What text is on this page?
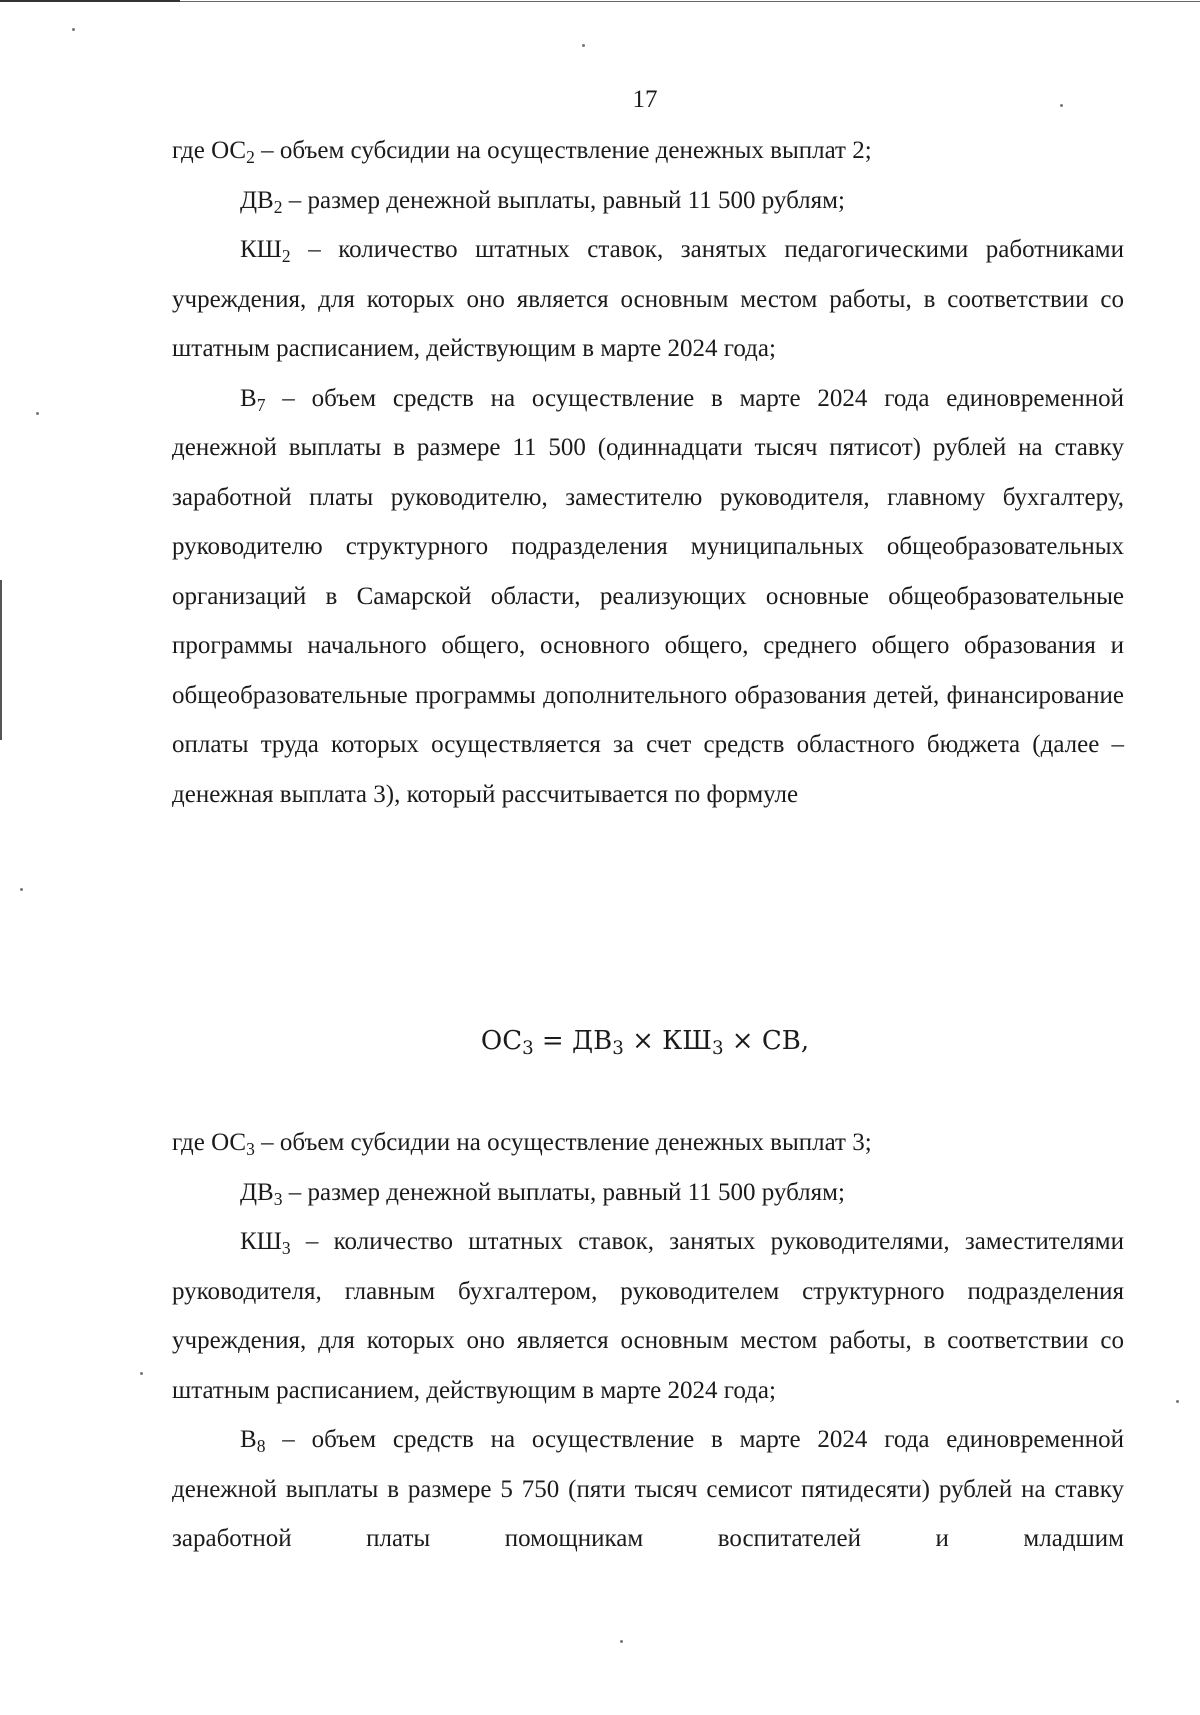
17

где $ОС_2$ – объем субсидии на осуществление денежных выплат 2;

$ДВ_2$ – размер денежной выплаты, равный 11 500 рублям;

$КШ_2$ – количество штатных ставок, занятых педагогическими работниками учреждения, для которых оно является основным местом работы, в соответствии со штатным расписанием, действующим в марте 2024 года;

$В_7$ – объем средств на осуществление в марте 2024 года единовременной денежной выплаты в размере 11 500 (одиннадцати тысяч пятисот) рублей на ставку заработной платы руководителю, заместителю руководителя, главному бухгалтеру, руководителю структурного подразделения муниципальных общеобразовательных организаций в Самарской области, реализующих основные общеобразовательные программы начального общего, основного общего, среднего общего образования и общеобразовательные программы дополнительного образования детей, финансирование оплаты труда которых осуществляется за счет средств областного бюджета (далее – денежная выплата 3), который рассчитывается по формуле

$ОС_3 = ДВ_3 \times КШ_3$ × СВ,

где $ОС_3$ – объем субсидии на осуществление денежных выплат 3;

$ДВ_3$ – размер денежной выплаты, равный 11 500 рублям;

$КШ_3$ – количество штатных ставок, занятых руководителями, заместителями руководителя, главным бухгалтером, руководителем структурного подразделения учреждения, для которых оно является основным местом работы, в соответствии со штатным расписанием, действующим в марте 2024 года;

$В_8$ – объем средств на осуществление в марте 2024 года единовременной денежной выплаты в размере 5 750 (пяти тысяч семисот пятидесяти) рублей на ставку заработной платы помощникам воспитателей и младшим
